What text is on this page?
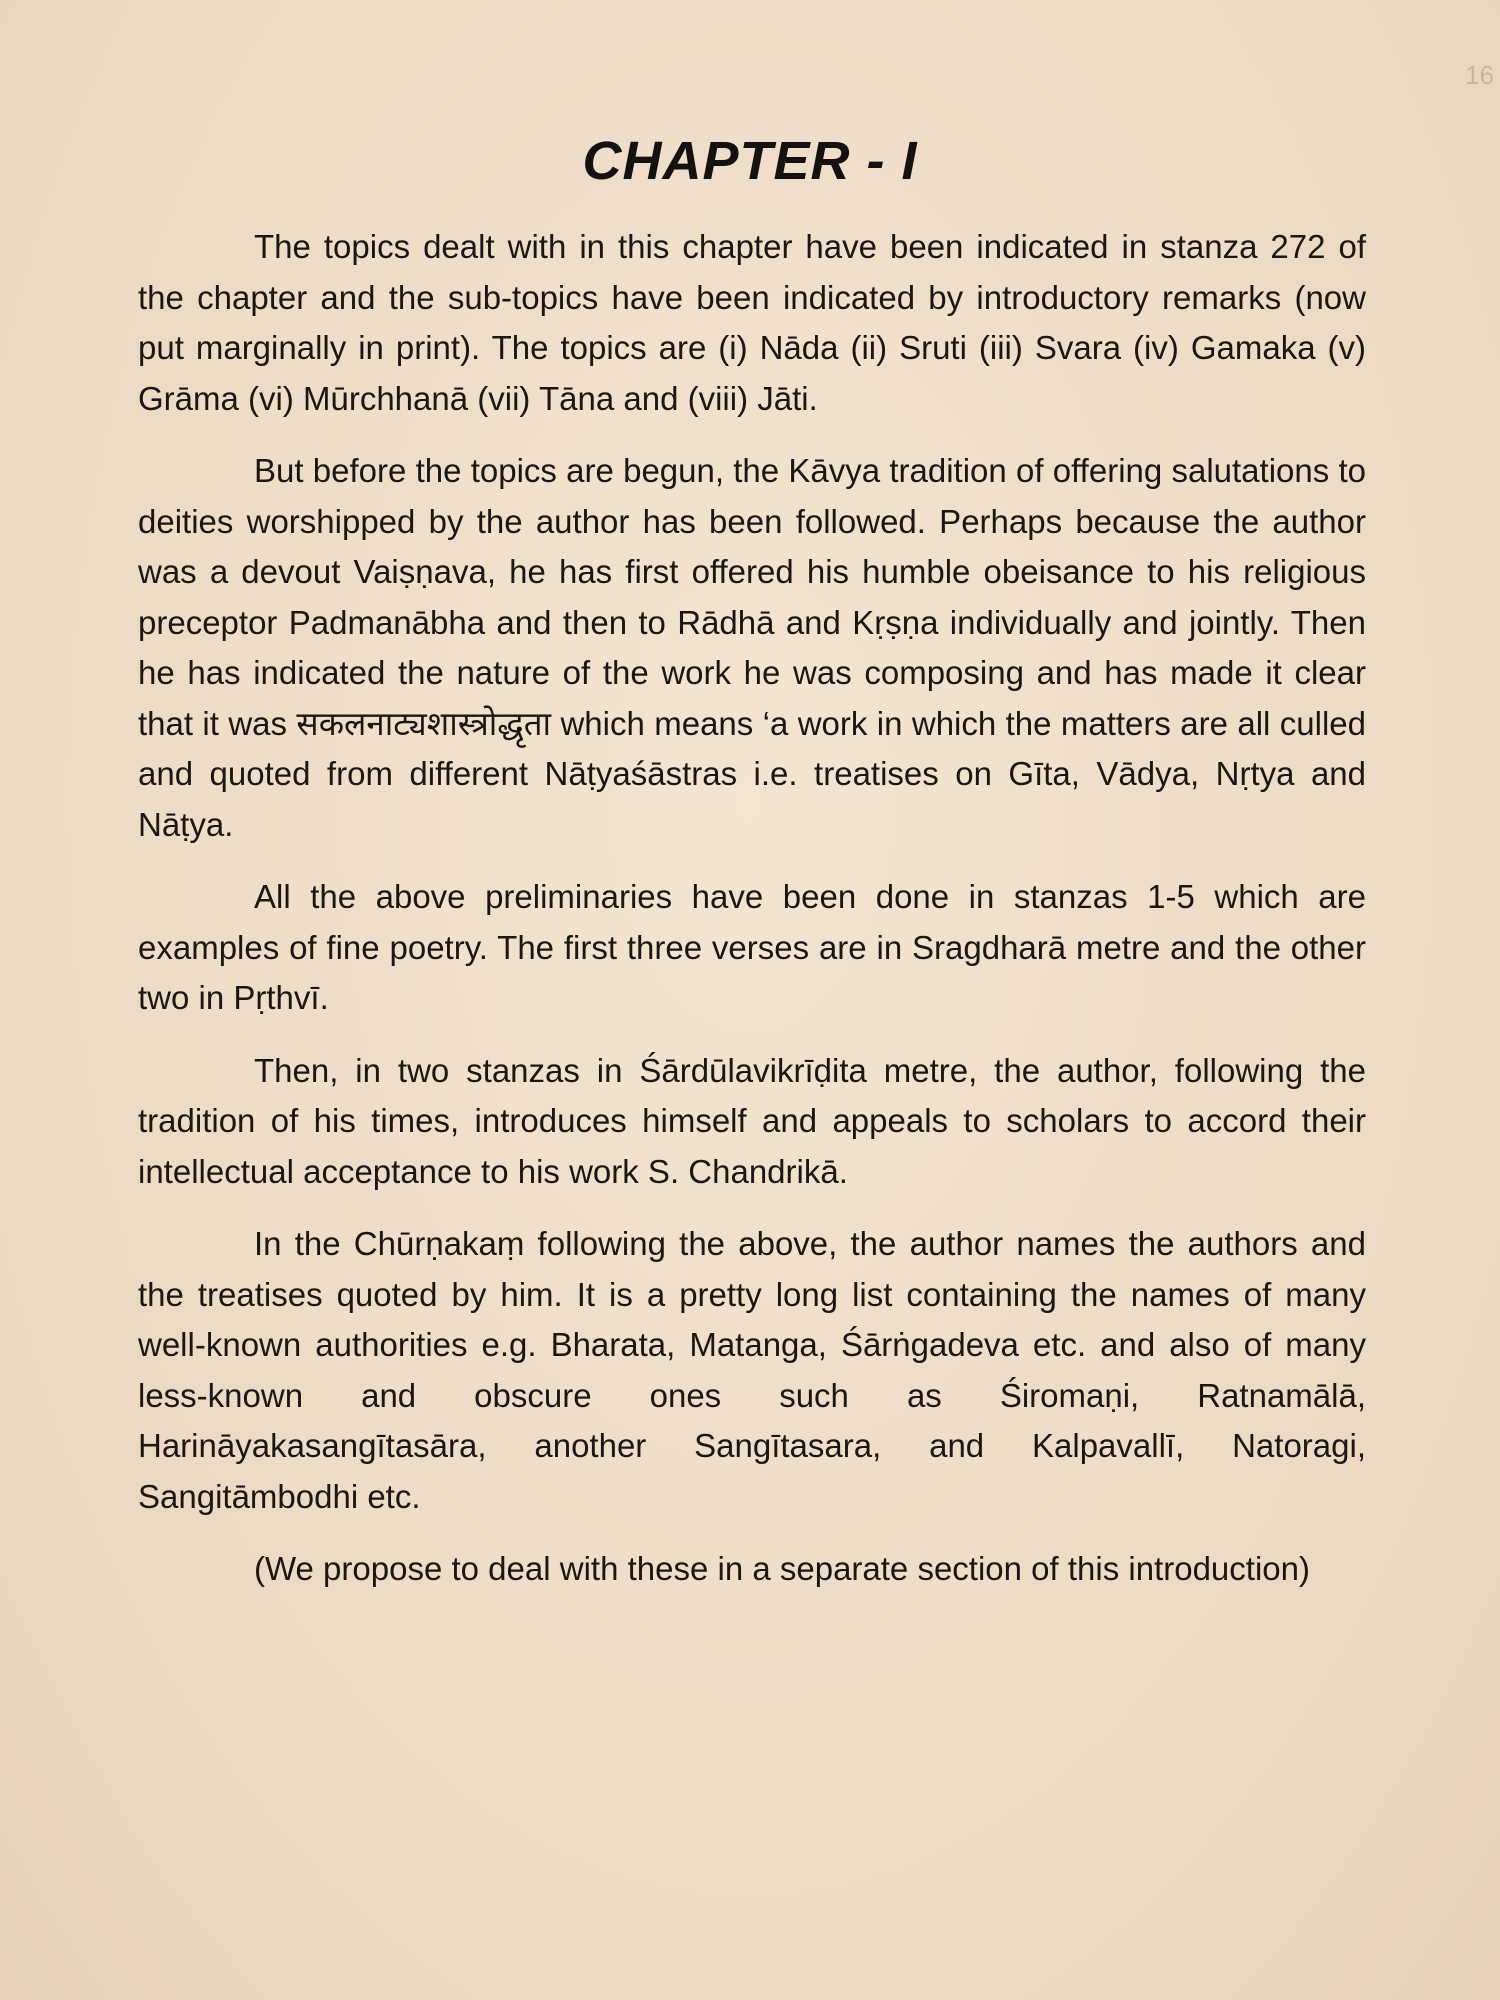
16
CHAPTER - I

The topics dealt with in this chapter have been indicated in stanza 272 of the chapter and the sub-topics have been indicated by introductory remarks (now put marginally in print). The topics are (i) Nāda (ii) Sruti (iii) Svara (iv) Gamaka (v) Grāma (vi) Mūrchhanā (vii) Tāna and (viii) Jāti.

But before the topics are begun, the Kāvya tradition of offering salutations to deities worshipped by the author has been followed. Perhaps because the author was a devout Vaiṣṇava, he has first offered his humble obeisance to his religious preceptor Padmanābha and then to Rādhā and Kṛṣṇa individually and jointly. Then he has indicated the nature of the work he was composing and has made it clear that it was सकलनाट्यशास्त्रोद्धृता which means ‘a work in which the matters are all culled and quoted from different Nāṭyaśāstras i.e. treatises on Gīta, Vādya, Nṛtya and Nāṭya.

All the above preliminaries have been done in stanzas 1-5 which are examples of fine poetry. The first three verses are in Sragdharā metre and the other two in Pṛthvī.

Then, in two stanzas in Śārdūlavikrīḍita metre, the author, following the tradition of his times, introduces himself and appeals to scholars to accord their intellectual acceptance to his work S. Chandrikā.

In the Chūrṇakaṃ following the above, the author names the authors and the treatises quoted by him. It is a pretty long list containing the names of many well-known authorities e.g. Bharata, Matanga, Śārṅgadeva etc. and also of many less-known and obscure ones such as Śiromaṇi, Ratnamālā, Harināyakasangītasāra, another Sangītasara, and Kalpavallī, Natoragi, Sangitāmbodhi etc.

(We propose to deal with these in a separate section of this introduction)
